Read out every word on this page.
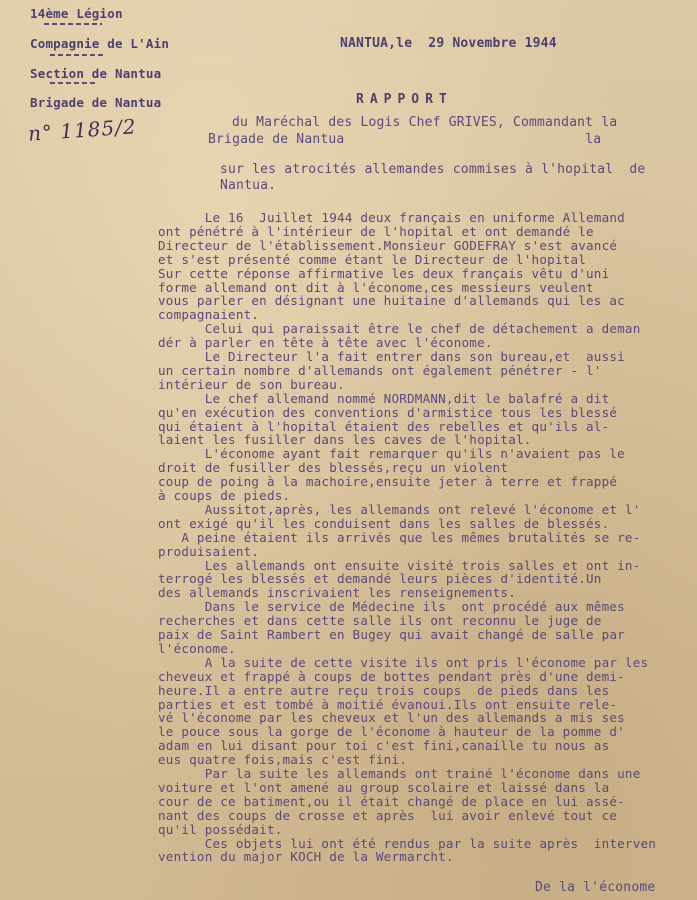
14ème Légion
Compagnie de L'Ain
Section de Nantua
Brigade de Nantua
n° 1185/2
NANTUA,le  29 Novembre 1944
RAPPORT
du Maréchal des Logis Chef GRIVES, Commandant la
Brigade de Nantua                              la
sur les atrocités allemandes commises à l'hopital  de
Nantua.
Le 16  Juillet 1944 deux français en uniforme Allemand
ont pénétré à l'intérieur de l'hopital et ont demandé le
Directeur de l'établissement.Monsieur GODEFRAY s'est avancé
et s'est présenté comme étant le Directeur de l'hopital
Sur cette réponse affirmative les deux français vêtu d'uni
forme allemand ont dit à l'économe,ces messieurs veulent
vous parler en désignant une huitaine d'allemands qui les ac
compagnaient.
Celui qui paraissait être le chef de détachement a deman
dér à parler en tête à tête avec l'économe.
Le Directeur l'a fait entrer dans son bureau,et  aussi
un certain nombre d'allemands ont également pénétrer - l'
intérieur de son bureau.
Le chef allemand nommé NORDMANN,dit le balafré a dit
qu'en exécution des conventions d'armistice tous les blessé
qui étaient à l'hopital étaient des rebelles et qu'ils al-
laient les fusiller dans les caves de l'hopital.
L'économe ayant fait remarquer qu'ils n'avaient pas le
droit de fusiller des blessés,reçu un violent
coup de poing à la machoire,ensuite jeter à terre et frappé
à coups de pieds.
Aussitot,après, les allemands ont relevé l'économe et l'
ont exigé qu'il les conduisent dans les salles de blessés.
A peine étaient ils arrivés que les mêmes brutalités se re-
produisaient.
Les allemands ont ensuite visité trois salles et ont in-
terrogé les blessés et demandé leurs pièces d'identité.Un
des allemands inscrivaient les renseignements.
Dans le service de Médecine ils  ont procédé aux mêmes
recherches et dans cette salle ils ont reconnu le juge de
paix de Saint Rambert en Bugey qui avait changé de salle par
l'économe.
A la suite de cette visite ils ont pris l'économe par les
cheveux et frappé à coups de bottes pendant près d'une demi-
heure.Il a entre autre reçu trois coups  de pieds dans les
parties et est tombé à moitié évanoui.Ils ont ensuite rele-
vé l'économe par les cheveux et l'un des allemands a mis ses
le pouce sous la gorge de l'économe à hauteur de la pomme d'
adam en lui disant pour toi c'est fini,canaille tu nous as
eus quatre fois,mais c'est fini.
Par la suite les allemands ont trainé l'économe dans une
voiture et l'ont amené au group scolaire et laissé dans la
cour de ce batiment,ou il était changé de place en lui assé-
nant des coups de crosse et après  lui avoir enlevé tout ce
qu'il possédait.
Ces objets lui ont été rendus par la suite après  interven
vention du major KOCH de la Wermarcht.
De la l'économe
